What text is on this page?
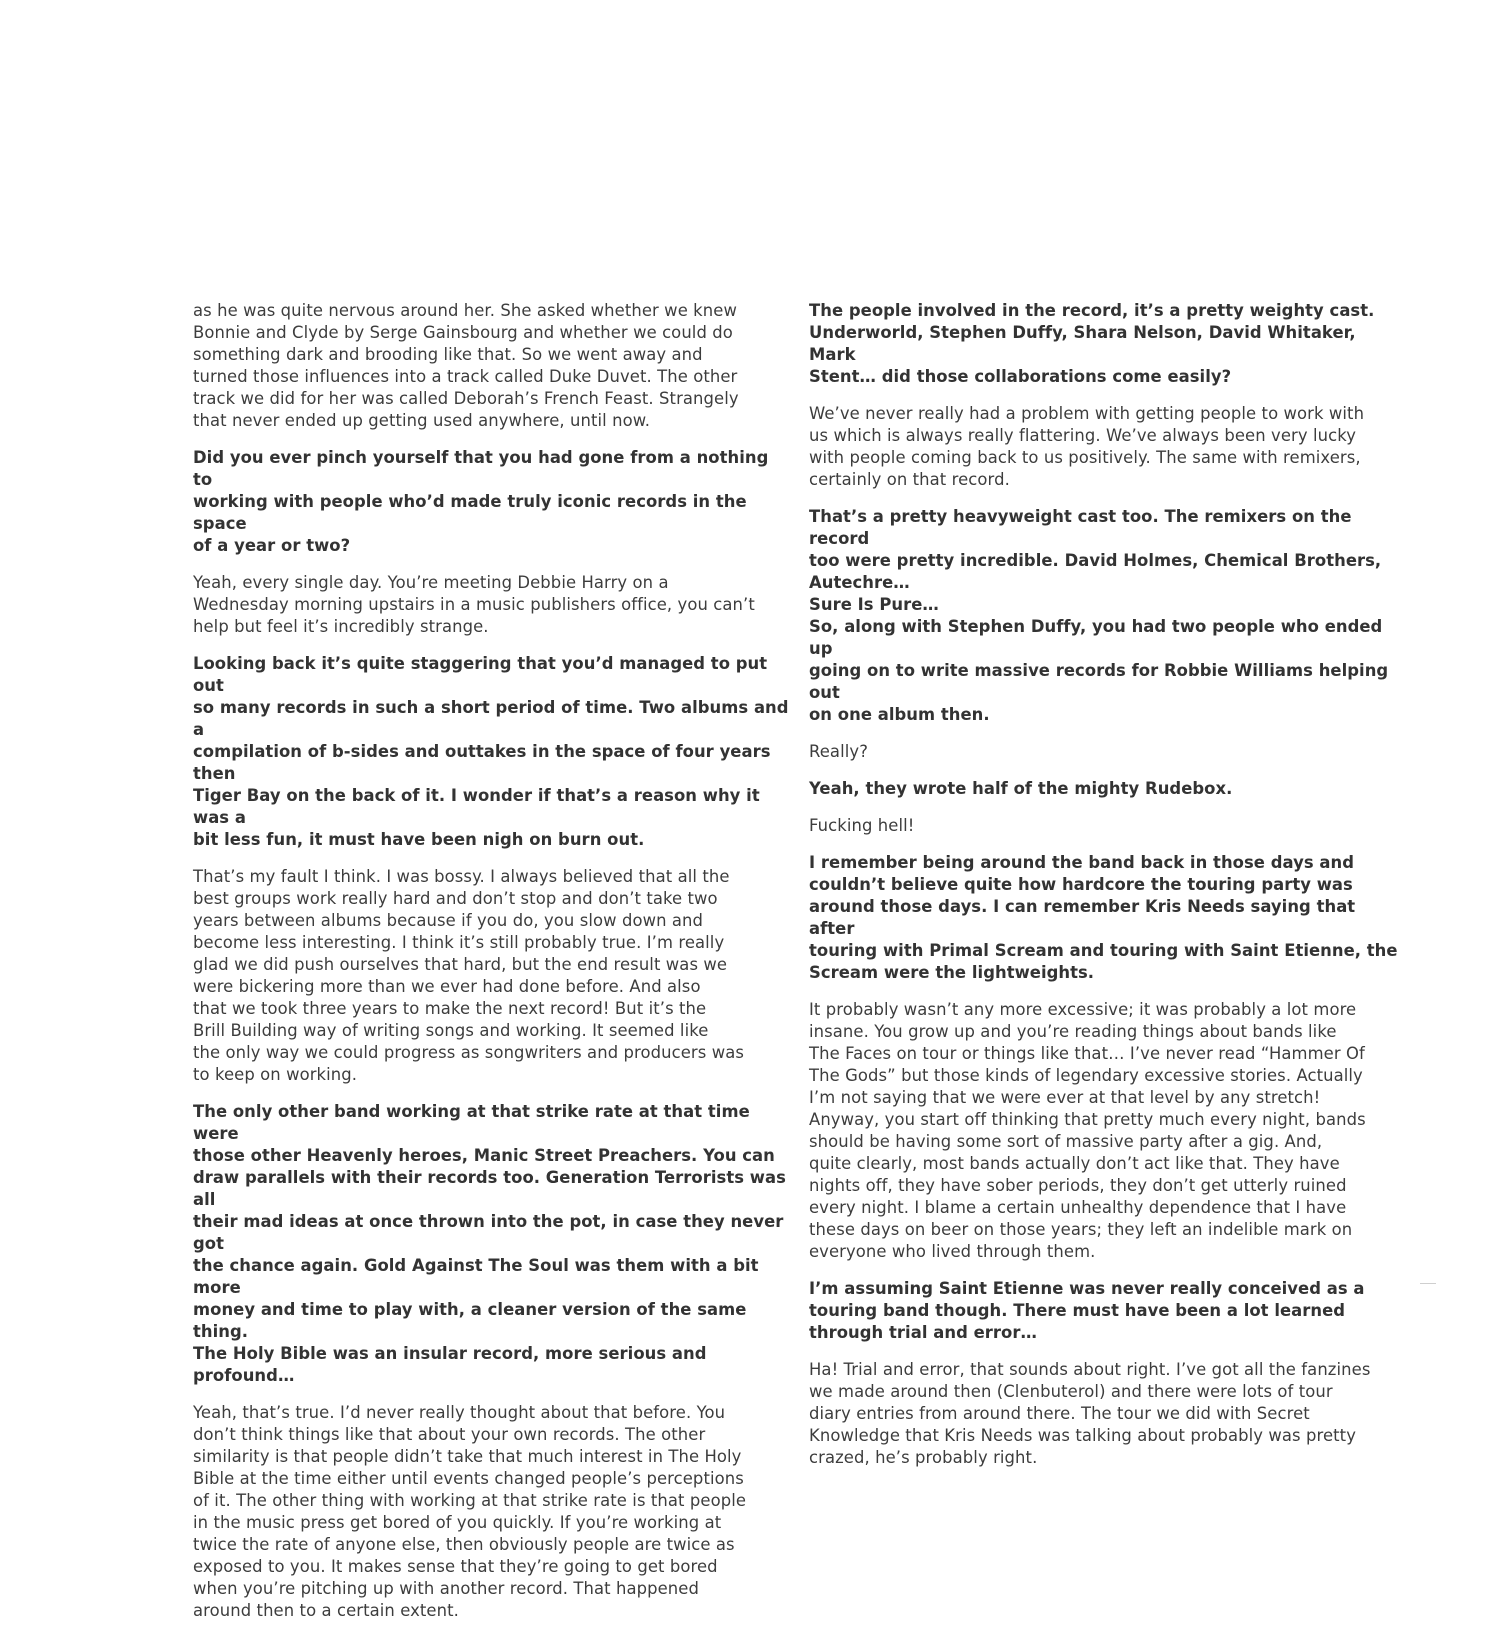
as he was quite nervous around her. She asked whether we knew
Bonnie and Clyde by Serge Gainsbourg and whether we could do
something dark and brooding like that. So we went away and
turned those influences into a track called Duke Duvet. The other
track we did for her was called Deborah’s French Feast. Strangely
that never ended up getting used anywhere, until now.

Did you ever pinch yourself that you had gone from a nothing to
working with people who’d made truly iconic records in the space
of a year or two?

Yeah, every single day. You’re meeting Debbie Harry on a
Wednesday morning upstairs in a music publishers office, you can’t
help but feel it’s incredibly strange.

Looking back it’s quite staggering that you’d managed to put out
so many records in such a short period of time. Two albums and a
compilation of b-sides and outtakes in the space of four years then
Tiger Bay on the back of it. I wonder if that’s a reason why it was a
bit less fun, it must have been nigh on burn out.

That’s my fault I think. I was bossy. I always believed that all the
best groups work really hard and don’t stop and don’t take two
years between albums because if you do, you slow down and
become less interesting. I think it’s still probably true. I’m really
glad we did push ourselves that hard, but the end result was we
were bickering more than we ever had done before. And also
that we took three years to make the next record! But it’s the
Brill Building way of writing songs and working. It seemed like
the only way we could progress as songwriters and producers was
to keep on working.

The only other band working at that strike rate at that time were
those other Heavenly heroes, Manic Street Preachers. You can
draw parallels with their records too. Generation Terrorists was all
their mad ideas at once thrown into the pot, in case they never got
the chance again. Gold Against The Soul was them with a bit more
money and time to play with, a cleaner version of the same thing.
The Holy Bible was an insular record, more serious and profound…

Yeah, that’s true. I’d never really thought about that before. You
don’t think things like that about your own records. The other
similarity is that people didn’t take that much interest in The Holy
Bible at the time either until events changed people’s perceptions
of it. The other thing with working at that strike rate is that people
in the music press get bored of you quickly. If you’re working at
twice the rate of anyone else, then obviously people are twice as
exposed to you. It makes sense that they’re going to get bored
when you’re pitching up with another record. That happened
around then to a certain extent.

The people involved in the record, it’s a pretty weighty cast.
Underworld, Stephen Duffy, Shara Nelson, David Whitaker, Mark
Stent… did those collaborations come easily?

We’ve never really had a problem with getting people to work with
us which is always really flattering. We’ve always been very lucky
with people coming back to us positively. The same with remixers,
certainly on that record.

That’s a pretty heavyweight cast too. The remixers on the record
too were pretty incredible. David Holmes, Chemical Brothers,
Autechre…
Sure Is Pure…
So, along with Stephen Duffy, you had two people who ended up
going on to write massive records for Robbie Williams helping out
on one album then.

Really?

Yeah, they wrote half of the mighty Rudebox.

Fucking hell!

I remember being around the band back in those days and
couldn’t believe quite how hardcore the touring party was
around those days. I can remember Kris Needs saying that after
touring with Primal Scream and touring with Saint Etienne, the
Scream were the lightweights.

It probably wasn’t any more excessive; it was probably a lot more
insane. You grow up and you’re reading things about bands like
The Faces on tour or things like that… I’ve never read “Hammer Of
The Gods” but those kinds of legendary excessive stories. Actually
I’m not saying that we were ever at that level by any stretch!
Anyway, you start off thinking that pretty much every night, bands
should be having some sort of massive party after a gig. And,
quite clearly, most bands actually don’t act like that. They have
nights off, they have sober periods, they don’t get utterly ruined
every night. I blame a certain unhealthy dependence that I have
these days on beer on those years; they left an indelible mark on
everyone who lived through them.

I’m assuming Saint Etienne was never really conceived as a
touring band though. There must have been a lot learned
through trial and error…

Ha! Trial and error, that sounds about right. I’ve got all the fanzines
we made around then (Clenbuterol) and there were lots of tour
diary entries from around there. The tour we did with Secret
Knowledge that Kris Needs was talking about probably was pretty
crazed, he’s probably right.
